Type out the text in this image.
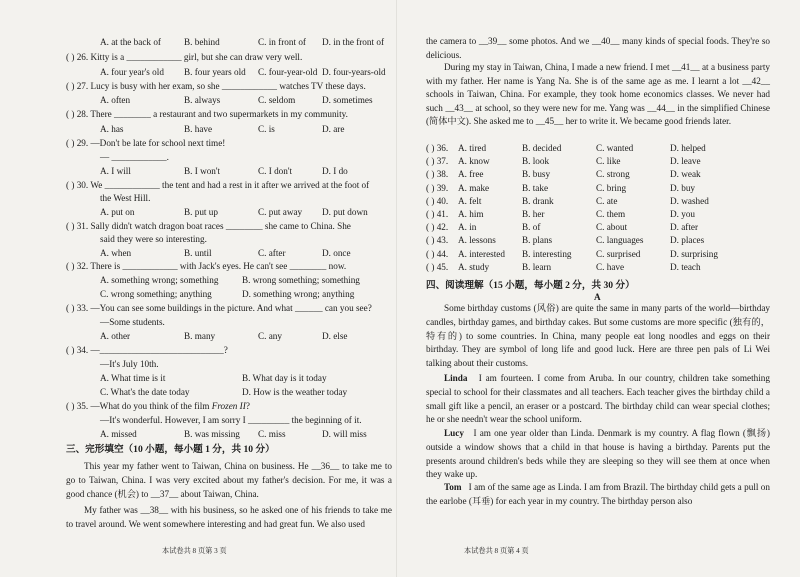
A. at the back of	B. behind	C. in front of D. in the front of
( ) 26. Kitty is a ____________ girl, but she can draw very well.
A. four year's old B. four years old C. four-year-old D. four-years-old
( ) 27. Lucy is busy with her exam, so she ____________ watches TV these days.
A. often	B. always	C. seldom	D. sometimes
( ) 28. There ________ a restaurant and two supermarkets in my community.
A. has	B. have	C. is	D. are
( ) 29. —Don't be late for school next time!
— ____________.
A. I will	B. I won't	C. I don't	D. I do
( ) 30. We ____________ the tent and had a rest in it after we arrived at the foot of
the West Hill.
A. put on	B. put up	C. put away D. put down
( ) 31. Sally didn't watch dragon boat races ________ she came to China. She
said they were so interesting.
A. when	B. until	C. after	D. once
( ) 32. There is ____________ with Jack's eyes. He can't see ________ now.
A. something wrong; something	B. wrong something; something
C. wrong something; anything	D. something wrong; anything
( ) 33. —You can see some buildings in the picture. And what ______ can you see?
—Some students.
A. other	B. many	C. any	D. else
( ) 34. —___________________________?
—It's July 10th.
A. What time is it	B. What day is it today
C. What's the date today	D. How is the weather today
( ) 35. —What do you think of the film Frozen II?
—It's wonderful. However, I am sorry I _________ the beginning of it.
A. missed	B. was missing C. miss	D. will miss
三、完形填空（10 小题，每小题 1 分，共 10 分）
This year my father went to Taiwan, China on business. He __36__ to take me to go to Taiwan, China. I was very excited about my father's decision. For me, it was a good chance (机会) to __37__ about Taiwan, China.
My father was __38__ with his business, so he asked one of his friends to take me to travel around. We went somewhere interesting and had great fun. We also used
本试卷共 8 页第 3 页
the camera to __39__ some photos. And we __40__ many kinds of special foods. They're so delicious.
During my stay in Taiwan, China, I made a new friend. I met __41__ at a business party with my father. Her name is Yang Na. She is of the same age as me. I learnt a lot __42__ schools in Taiwan, China. For example, they took home economics classes. We never had such __43__ at school, so they were new for me. Yang was __44__ in the simplified Chinese (简体中文). She asked me to __45__ her to write it. We became good friends later.
( ) 36. A. tired	B. decided	C. wanted	D. helped
( ) 37. A. know	B. look	C. like	D. leave
( ) 38. A. free	B. busy	C. strong	D. weak
( ) 39. A. make	B. take	C. bring	D. buy
( ) 40. A. felt	B. drank	C. ate	D. washed
( ) 41. A. him	B. her	C. them	D. you
( ) 42. A. in	B. of	C. about	D. after
( ) 43. A. lessons	B. plans	C. languages	D. places
( ) 44. A. interested B. interesting	C. surprised	D. surprising
( ) 45. A. study	B. learn	C. have	D. teach
四、阅读理解（15 小题，每小题 2 分，共 30 分）
A
Some birthday customs (风俗) are quite the same in many parts of the world—birthday candles, birthday games, and birthday cakes. But some customs are more specific (独有的，特有的) to some countries. In China, many people eat long noodles and eggs on their birthday. They are symbol of long life and good luck. Here are three pen pals of Li Wei talking about their customs.
Linda I am fourteen. I come from Aruba. In our country, children take something special to school for their classmates and all teachers. Each teacher gives the birthday child a small gift like a pencil, an eraser or a postcard. The birthday child can wear special clothes; he or she needn't wear the school uniform.
Lucy I am one year older than Linda. Denmark is my country. A flag flown (飘扬) outside a window shows that a child in that house is having a birthday. Parents put the presents around children's beds while they are sleeping so they will see them at once when they wake up.
Tom I am of the same age as Linda. I am from Brazil. The birthday child gets a pull on the earlobe (耳垂) for each year in my country. The birthday person also
本试卷共 8 页第 4 页
